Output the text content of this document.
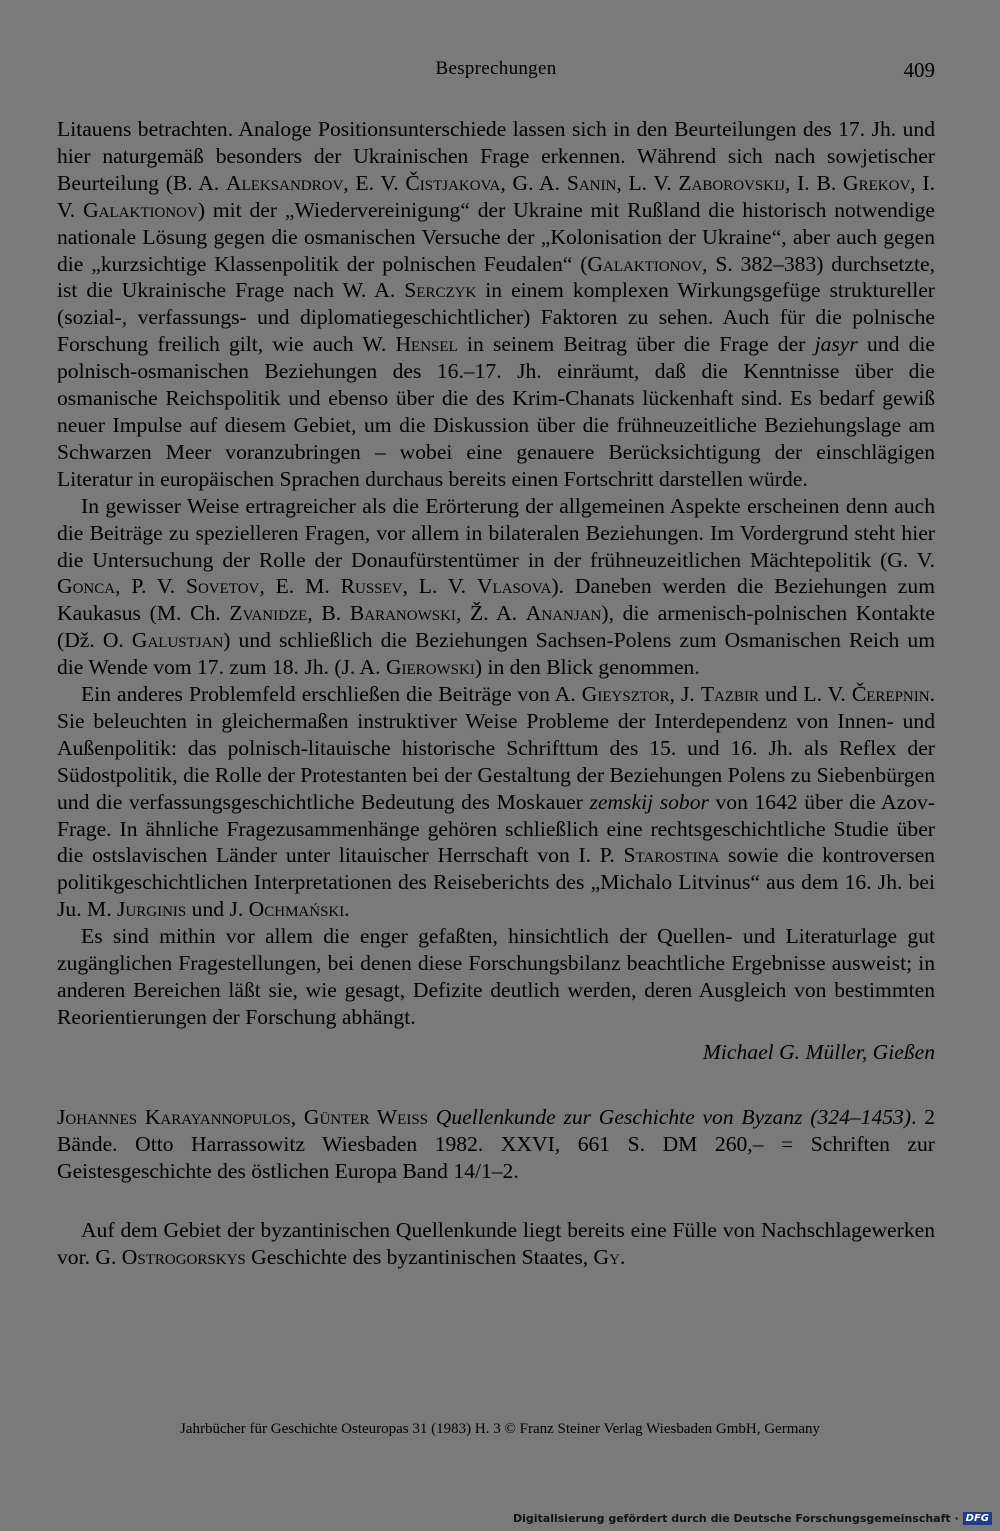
Besprechungen	409

Litauens betrachten. Analoge Positionsunterschiede lassen sich in den Beurteilungen des 17. Jh. und hier naturgemäß besonders der Ukrainischen Frage erkennen. Während sich nach sowjetischer Beurteilung (B. A. Aleksandrov, E. V. Čistjakova, G. A. Sanin, L. V. Zaborovskij, I. B. Grekov, I. V. Galaktionov) mit der „Wiedervereinigung“ der Ukraine mit Rußland die historisch notwendige nationale Lösung gegen die osmanischen Versuche der „Kolonisation der Ukraine“, aber auch gegen die „kurzsichtige Klassenpolitik der polnischen Feudalen“ (Galaktionov, S. 382–383) durchsetzte, ist die Ukrainische Frage nach W. A. Serczyk in einem komplexen Wirkungsgefüge struktureller (sozial-, verfassungs- und diplomatiegeschichtlicher) Faktoren zu sehen. Auch für die polnische Forschung freilich gilt, wie auch W. Hensel in seinem Beitrag über die Frage der jasyr und die polnisch-osmanischen Beziehungen des 16.–17. Jh. einräumt, daß die Kenntnisse über die osmanische Reichspolitik und ebenso über die des Krim-Chanats lückenhaft sind. Es bedarf gewiß neuer Impulse auf diesem Gebiet, um die Diskussion über die frühneuzeitliche Beziehungslage am Schwarzen Meer voranzubringen – wobei eine genauere Berücksichtigung der einschlägigen Literatur in europäischen Sprachen durchaus bereits einen Fortschritt darstellen würde.

In gewisser Weise ertragreicher als die Erörterung der allgemeinen Aspekte erscheinen denn auch die Beiträge zu spezielleren Fragen, vor allem in bilateralen Beziehungen. Im Vordergrund steht hier die Untersuchung der Rolle der Donaufürstentümer in der frühneuzeitlichen Mächtepolitik (G. V. Gonca, P. V. Sovetov, E. M. Russev, L. V. Vlasova). Daneben werden die Beziehungen zum Kaukasus (M. Ch. Zvanidze, B. Baranowski, Ž. A. Ananjan), die armenisch-polnischen Kontakte (Dž. O. Galustjan) und schließlich die Beziehungen Sachsen-Polens zum Osmanischen Reich um die Wende vom 17. zum 18. Jh. (J. A. Gierowski) in den Blick genommen.

Ein anderes Problemfeld erschließen die Beiträge von A. Gieysztor, J. Tazbir und L. V. Čerepnin. Sie beleuchten in gleichermaßen instruktiver Weise Probleme der Interdependenz von Innen- und Außenpolitik: das polnisch-litauische historische Schrifttum des 15. und 16. Jh. als Reflex der Südostpolitik, die Rolle der Protestanten bei der Gestaltung der Beziehungen Polens zu Siebenbürgen und die verfassungsgeschichtliche Bedeutung des Moskauer zemskij sobor von 1642 über die Azov-Frage. In ähnliche Fragezusammenhänge gehören schließlich eine rechtsgeschichtliche Studie über die ostslavischen Länder unter litauischer Herrschaft von I. P. Starostina sowie die kontroversen politikgeschichtlichen Interpretationen des Reiseberichts des „Michalo Litvinus“ aus dem 16. Jh. bei Ju. M. Jurginis und J. Ochmański.

Es sind mithin vor allem die enger gefaßten, hinsichtlich der Quellen- und Literaturlage gut zugänglichen Fragestellungen, bei denen diese Forschungsbilanz beachtliche Ergebnisse ausweist; in anderen Bereichen läßt sie, wie gesagt, Defizite deutlich werden, deren Ausgleich von bestimmten Reorientierungen der Forschung abhängt.

Michael G. Müller, Gießen

Johannes Karayannopulos, Günter Weiss Quellenkunde zur Geschichte von Byzanz (324–1453). 2 Bände. Otto Harrassowitz Wiesbaden 1982. XXVI, 661 S. DM 260,– = Schriften zur Geistesgeschichte des östlichen Europa Band 14/1–2.

Auf dem Gebiet der byzantinischen Quellenkunde liegt bereits eine Fülle von Nachschlagewerken vor. G. Ostrogorskys Geschichte des byzantinischen Staates, Gy.

Jahrbücher für Geschichte Osteuropas 31 (1983) H. 3 © Franz Steiner Verlag Wiesbaden GmbH, Germany
Digitalisierung gefördert durch die Deutsche Forschungsgemeinschaft · DFG
